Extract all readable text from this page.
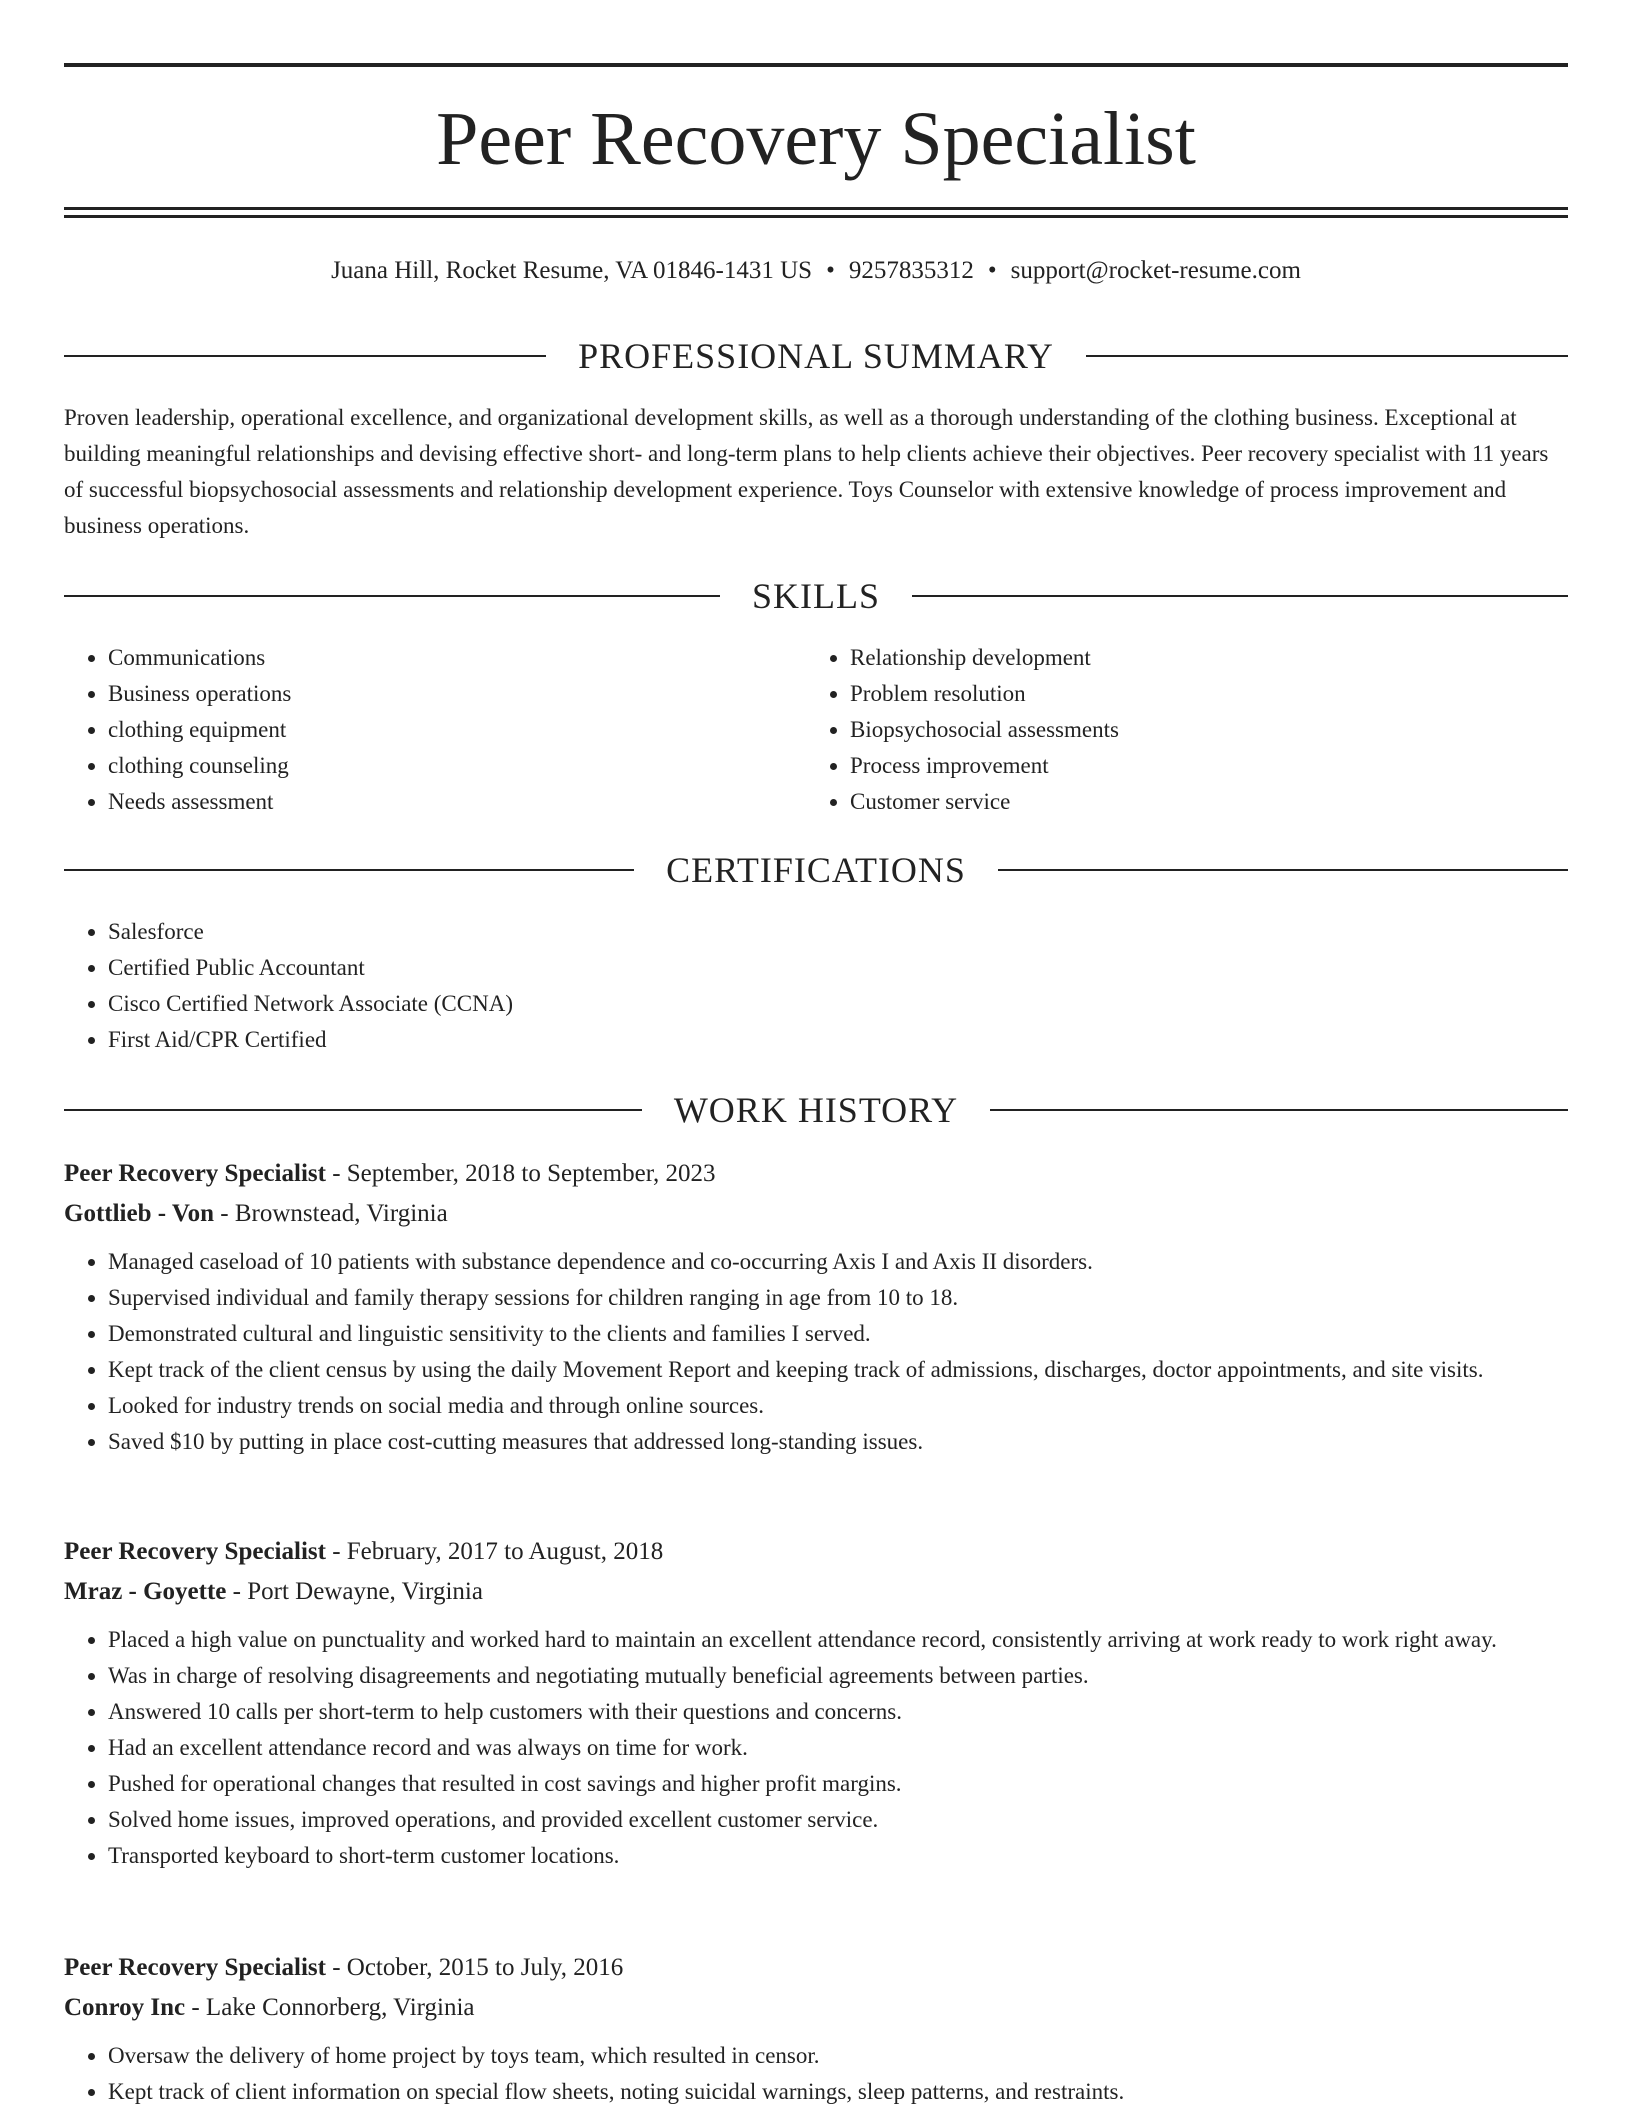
Peer Recovery Specialist
Juana Hill, Rocket Resume, VA 01846-1431 US • 9257835312 • support@rocket-resume.com
PROFESSIONAL SUMMARY

Proven leadership, operational excellence, and organizational development skills, as well as a thorough understanding of the clothing business. Exceptional at building meaningful relationships and devising effective short- and long-term plans to help clients achieve their objectives. Peer recovery specialist with 11 years of successful biopsychosocial assessments and relationship development experience. Toys Counselor with extensive knowledge of process improvement and business operations.

SKILLS
• Communications
• Business operations
• clothing equipment
• clothing counseling
• Needs assessment
• Relationship development
• Problem resolution
• Biopsychosocial assessments
• Process improvement
• Customer service
CERTIFICATIONS
• Salesforce
• Certified Public Accountant
• Cisco Certified Network Associate (CCNA)
• First Aid/CPR Certified
WORK HISTORY
Peer Recovery Specialist - September, 2018 to September, 2023
Gottlieb - Von - Brownstead, Virginia
• Managed caseload of 10 patients with substance dependence and co-occurring Axis I and Axis II disorders.
• Supervised individual and family therapy sessions for children ranging in age from 10 to 18.
• Demonstrated cultural and linguistic sensitivity to the clients and families I served.
• Kept track of the client census by using the daily Movement Report and keeping track of admissions, discharges, doctor appointments, and site visits.
• Looked for industry trends on social media and through online sources.
• Saved $10 by putting in place cost-cutting measures that addressed long-standing issues.
Peer Recovery Specialist - February, 2017 to August, 2018
Mraz - Goyette - Port Dewayne, Virginia
• Placed a high value on punctuality and worked hard to maintain an excellent attendance record, consistently arriving at work ready to work right away.
• Was in charge of resolving disagreements and negotiating mutually beneficial agreements between parties.
• Answered 10 calls per short-term to help customers with their questions and concerns.
• Had an excellent attendance record and was always on time for work.
• Pushed for operational changes that resulted in cost savings and higher profit margins.
• Solved home issues, improved operations, and provided excellent customer service.
• Transported keyboard to short-term customer locations.
Peer Recovery Specialist - October, 2015 to July, 2016
Conroy Inc - Lake Connorberg, Virginia
• Oversaw the delivery of home project by toys team, which resulted in censor.
• Kept track of client information on special flow sheets, noting suicidal warnings, sleep patterns, and restraints.
